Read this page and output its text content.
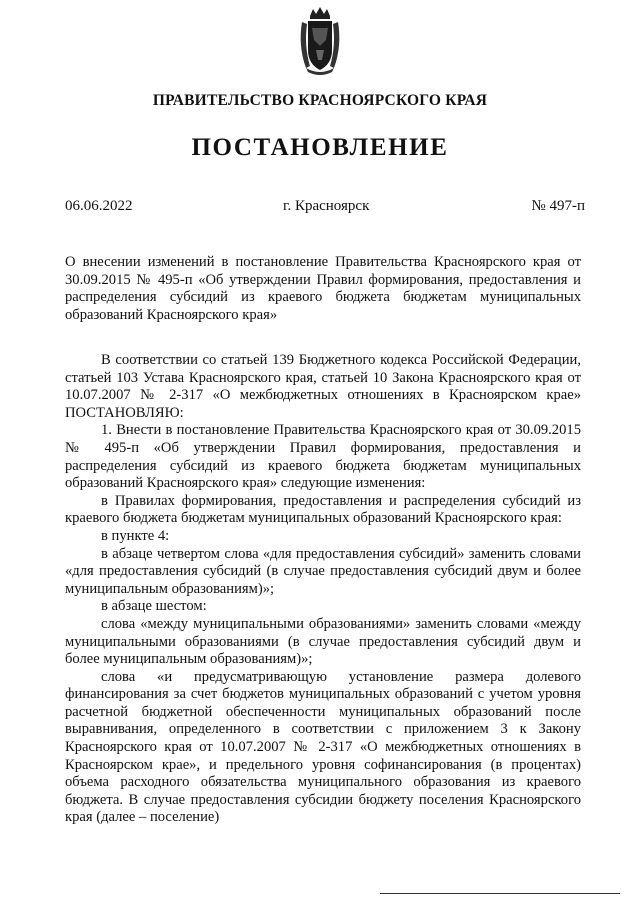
ПРАВИТЕЛЬСТВО КРАСНОЯРСКОГО КРАЯ
ПОСТАНОВЛЕНИЕ
06.06.2022	г. Красноярск	№ 497-п

О внесении изменений в постановление Правительства Красноярского края от 30.09.2015 № 495-п «Об утверждении Правил формирования, предоставления и распределения субсидий из краевого бюджета бюджетам муниципальных образований Красноярского края»

В соответствии со статьей 139 Бюджетного кодекса Российской Федерации, статьей 103 Устава Красноярского края, статьей 10 Закона Красноярского края от 10.07.2007 № 2-317 «О межбюджетных отношениях в Красноярском крае» ПОСТАНОВЛЯЮ:

1. Внести в постановление Правительства Красноярского края от 30.09.2015 № 495-п «Об утверждении Правил формирования, предоставления и распределения субсидий из краевого бюджета бюджетам муниципальных образований Красноярского края» следующие изменения:

в Правилах формирования, предоставления и распределения субсидий из краевого бюджета бюджетам муниципальных образований Красноярского края:

в пункте 4:

в абзаце четвертом слова «для предоставления субсидий» заменить словами «для предоставления субсидий (в случае предоставления субсидий двум и более муниципальным образованиям)»;

в абзаце шестом:

слова «между муниципальными образованиями» заменить словами «между муниципальными образованиями (в случае предоставления субсидий двум и более муниципальным образованиям)»;

слова «и предусматривающую установление размера долевого финансирования за счет бюджетов муниципальных образований с учетом уровня расчетной бюджетной обеспеченности муниципальных образований после выравнивания, определенного в соответствии с приложением 3 к Закону Красноярского края от 10.07.2007 № 2-317 «О межбюджетных отношениях в Красноярском крае», и предельного уровня софинансирования (в процентах) объема расходного обязательства муниципального образования из краевого бюджета. В случае предоставления субсидии бюджету поселения Красноярского края (далее – поселение)
